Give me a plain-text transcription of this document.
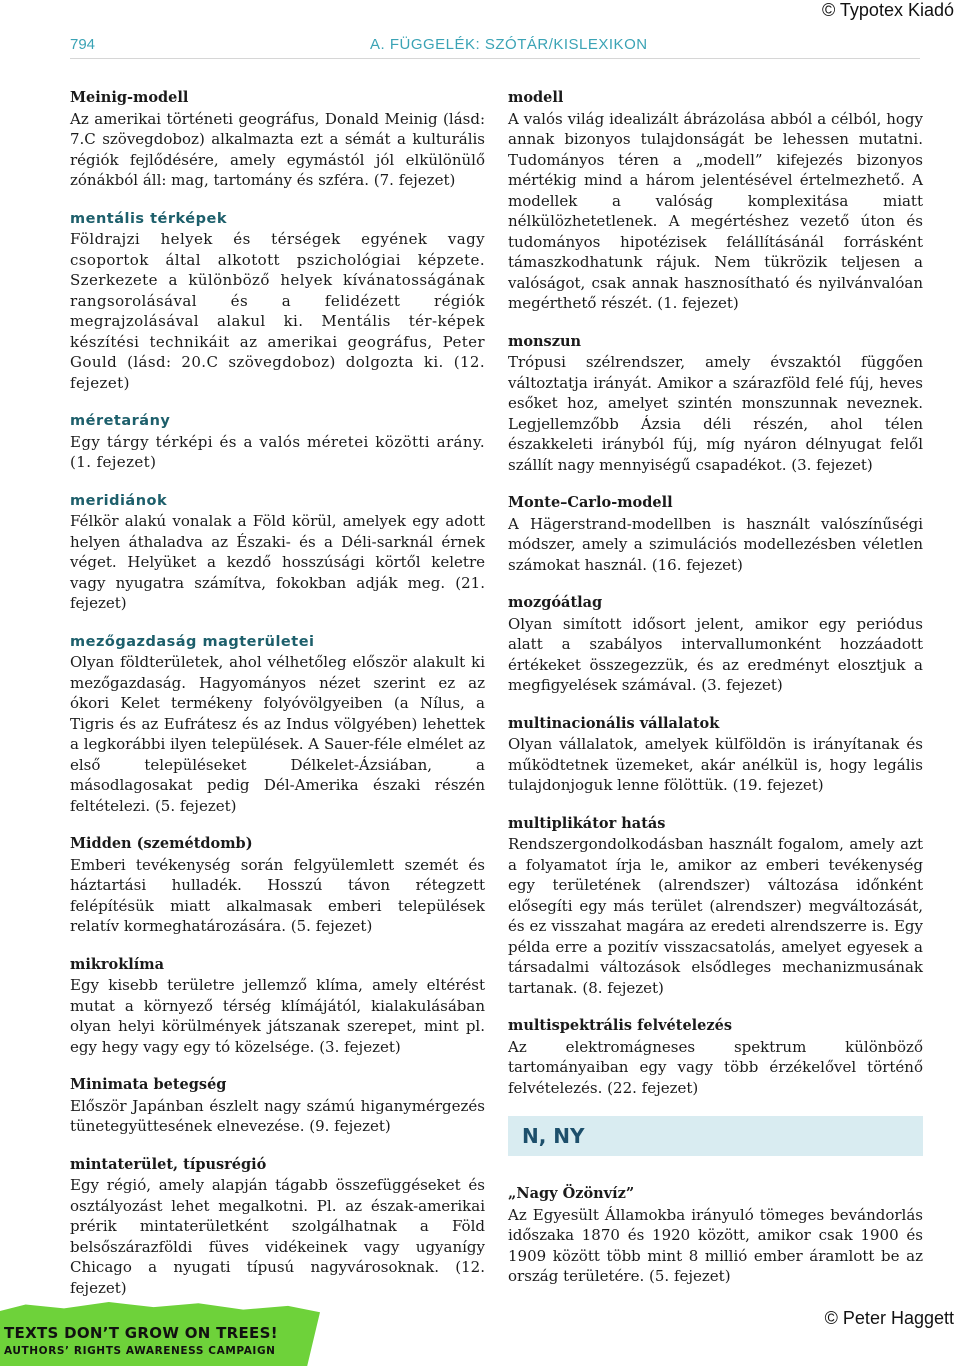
© Typotex Kiadó
794	A. FÜGGELÉK: SZÓTÁR/KISLEXIKON
Meinig-modell
Az amerikai történeti geográfus, Donald Meinig (lásd: 7.C szövegdoboz) alkalmazta ezt a sémát a kulturális régiók fejlődésére, amely egymástól jól elkülönülő zónákból áll: mag, tartomány és szféra. (7. fejezet)
mentális térképek
Földrajzi helyek és térségek egyének vagy csoportok által alkotott pszichológiai képzete. Szerkezete a különböző helyek kívánatosságának rangsorolásával és a felidézett régiók megrajzolásával alakul ki. Mentális tér-képek készítési technikáit az amerikai geográfus, Peter Gould (lásd: 20.C szövegdoboz) dolgozta ki. (12. fejezet)
méretarány
Egy tárgy térképi és a valós méretei közötti arány. (1. fejezet)
meridiánok
Félkör alakú vonalak a Föld körül, amelyek egy adott helyen áthaladva az Északi- és a Déli-sarknál érnek véget. Helyüket a kezdő hosszúsági körtől keletre vagy nyugatra számítva, fokokban adják meg. (21. fejezet)
mezőgazdaság magterületei
Olyan földterületek, ahol vélhetőleg először alakult ki mezőgazdaság. Hagyományos nézet szerint ez az ókori Kelet termékeny folyóvölgyeiben (a Nílus, a Tigris és az Eufrátesz és az Indus völgyében) lehettek a legkorábbi ilyen települések. A Sauer-féle elmélet az első településeket Délkelet-Ázsiában, a másodlagosakat pedig Dél-Amerika északi részén feltételezi. (5. fejezet)
Midden (szemétdomb)
Emberi tevékenység során felgyülemlett szemét és háztartási hulladék. Hosszú távon rétegzett felépítésük miatt alkalmasak emberi települések relatív kormeghatározására. (5. fejezet)
mikroklíma
Egy kisebb területre jellemző klíma, amely eltérést mutat a környező térség klímájától, kialakulásában olyan helyi körülmények játszanak szerepet, mint pl. egy hegy vagy egy tó közelsége. (3. fejezet)
Minimata betegség
Először Japánban észlelt nagy számú higanymérgezés tünetegyüttesének elnevezése. (9. fejezet)
mintaterület, típusrégió
Egy régió, amely alapján tágabb összefüggéseket és osztályozást lehet megalkotni. Pl. az észak-amerikai prérik mintaterületként szolgálhatnak a Föld belsőszárazföldi füves vidékeinek vagy ugyanígy Chicago a nyugati típusú nagyvárosoknak. (12. fejezet)
modell
A valós világ idealizált ábrázolása abból a célból, hogy annak bizonyos tulajdonságát be lehessen mutatni. Tudományos téren a „modell” kifejezés bizonyos mértékig mind a három jelentésével értelmezhető. A modellek a valóság komplexitása miatt nélkülözhetetlenek. A megértéshez vezető úton és tudományos hipotézisek felállításánál forrásként támaszkodhatunk rájuk. Nem tükrözik teljesen a valóságot, csak annak hasznosítható és nyilvánvalóan megérthető részét. (1. fejezet)
monszun
Trópusi szélrendszer, amely évszaktól függően változtatja irányát. Amikor a szárazföld felé fúj, heves esőket hoz, amelyet szintén monszunnak neveznek. Legjellemzőbb Ázsia déli részén, ahol télen északkeleti irányból fúj, míg nyáron délnyugat felől szállít nagy mennyiségű csapadékot. (3. fejezet)
Monte–Carlo-modell
A Hägerstrand-modellben is használt valószínűségi módszer, amely a szimulációs modellezésben véletlen számokat használ. (16. fejezet)
mozgóátlag
Olyan simított idősort jelent, amikor egy periódus alatt a szabályos intervallumonként hozzáadott értékeket összegezzük, és az eredményt elosztjuk a megfigyelések számával. (3. fejezet)
multinacionális vállalatok
Olyan vállalatok, amelyek külföldön is irányítanak és működtetnek üzemeket, akár anélkül is, hogy legális tulajdonjoguk lenne fölöttük. (19. fejezet)
multiplikátor hatás
Rendszergondolkodásban használt fogalom, amely azt a folyamatot írja le, amikor az emberi tevékenység egy területének (alrendszer) változása időnként elősegíti egy más terület (alrendszer) megváltozását, és ez visszahat magára az eredeti alrendszerre is. Egy példa erre a pozitív visszacsatolás, amelyet egyesek a társadalmi változások elsődleges mechanizmusának tartanak. (8. fejezet)
multispektrális felvételezés
Az elektromágneses spektrum különböző tartományaiban egy vagy több érzékelővel történő felvételezés. (22. fejezet)
N, NY
„Nagy Özönvíz”
Az Egyesült Államokba irányuló tömeges bevándorlás időszaka 1870 és 1920 között, amikor csak 1900 és 1909 között több mint 8 millió ember áramlott be az ország területére. (5. fejezet)
TEXTS DON’T GROW ON TREES!
AUTHORS’ RIGHTS AWARENESS CAMPAIGN
© Peter Haggett
